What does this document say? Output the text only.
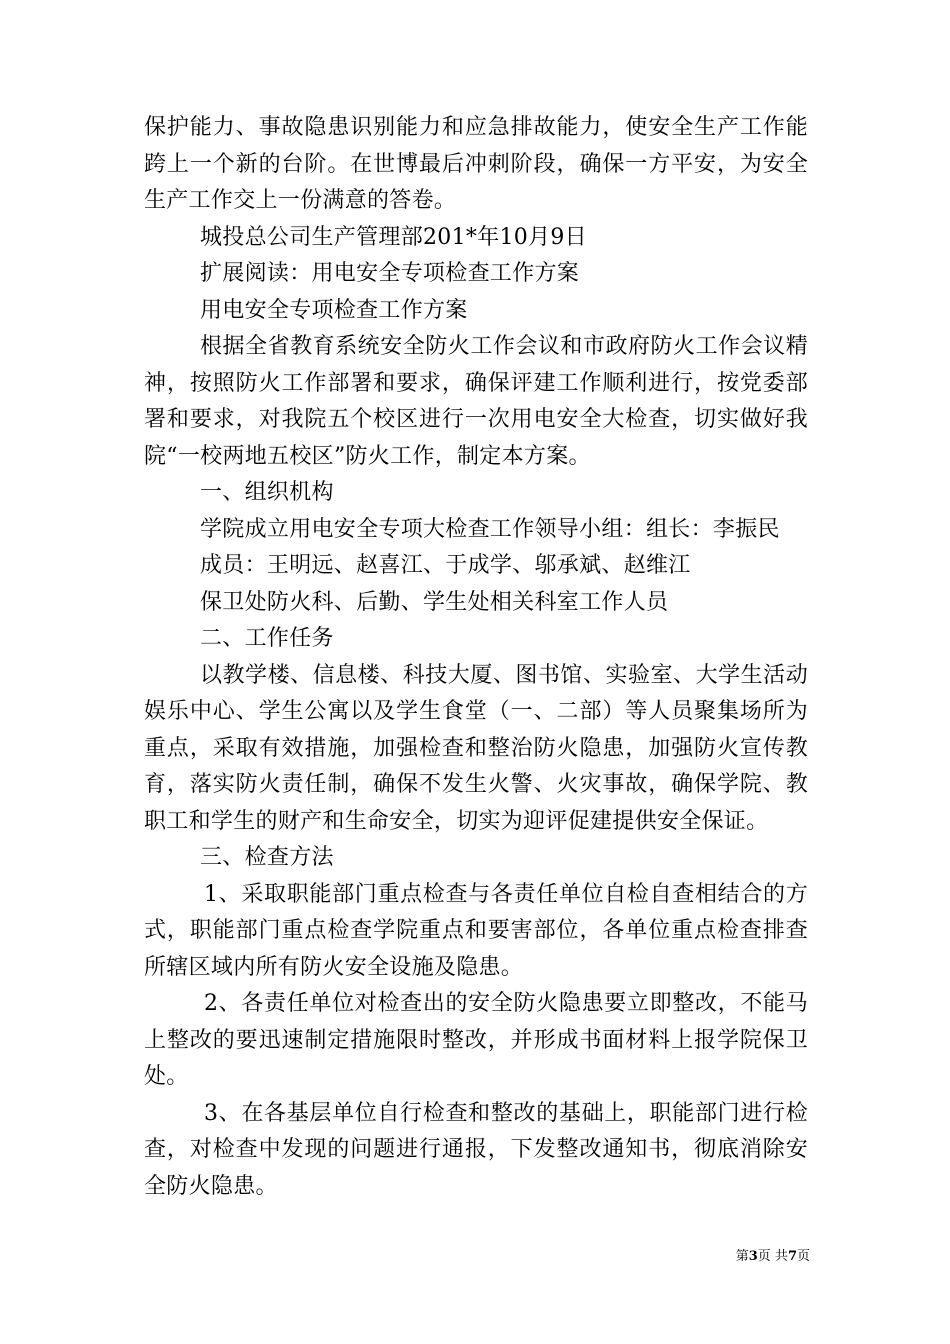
保护能力、事故隐患识别能力和应急排故能力，使安全生产工作能跨上一个新的台阶。在世博最后冲刺阶段，确保一方平安，为安全生产工作交上一份满意的答卷。

城投总公司生产管理部201*年10月9日

扩展阅读：用电安全专项检查工作方案

用电安全专项检查工作方案

根据全省教育系统安全防火工作会议和市政府防火工作会议精神，按照防火工作部署和要求，确保评建工作顺利进行，按党委部署和要求，对我院五个校区进行一次用电安全大检查，切实做好我院“一校两地五校区”防火工作，制定本方案。

一、组织机构

学院成立用电安全专项大检查工作领导小组：组长：李振民

成员：王明远、赵喜江、于成学、邬承斌、赵维江

保卫处防火科、后勤、学生处相关科室工作人员

二、工作任务

以教学楼、信息楼、科技大厦、图书馆、实验室、大学生活动娱乐中心、学生公寓以及学生食堂（一、二部）等人员聚集场所为重点，采取有效措施，加强检查和整治防火隐患，加强防火宣传教育，落实防火责任制，确保不发生火警、火灾事故，确保学院、教职工和学生的财产和生命安全，切实为迎评促建提供安全保证。

三、检查方法

1、采取职能部门重点检查与各责任单位自检自查相结合的方式，职能部门重点检查学院重点和要害部位，各单位重点检查排查所辖区域内所有防火安全设施及隐患。

2、各责任单位对检查出的安全防火隐患要立即整改，不能马上整改的要迅速制定措施限时整改，并形成书面材料上报学院保卫处。

3、在各基层单位自行检查和整改的基础上，职能部门进行检查，对检查中发现的问题进行通报，下发整改通知书，彻底消除安全防火隐患。

第3页 共7页
